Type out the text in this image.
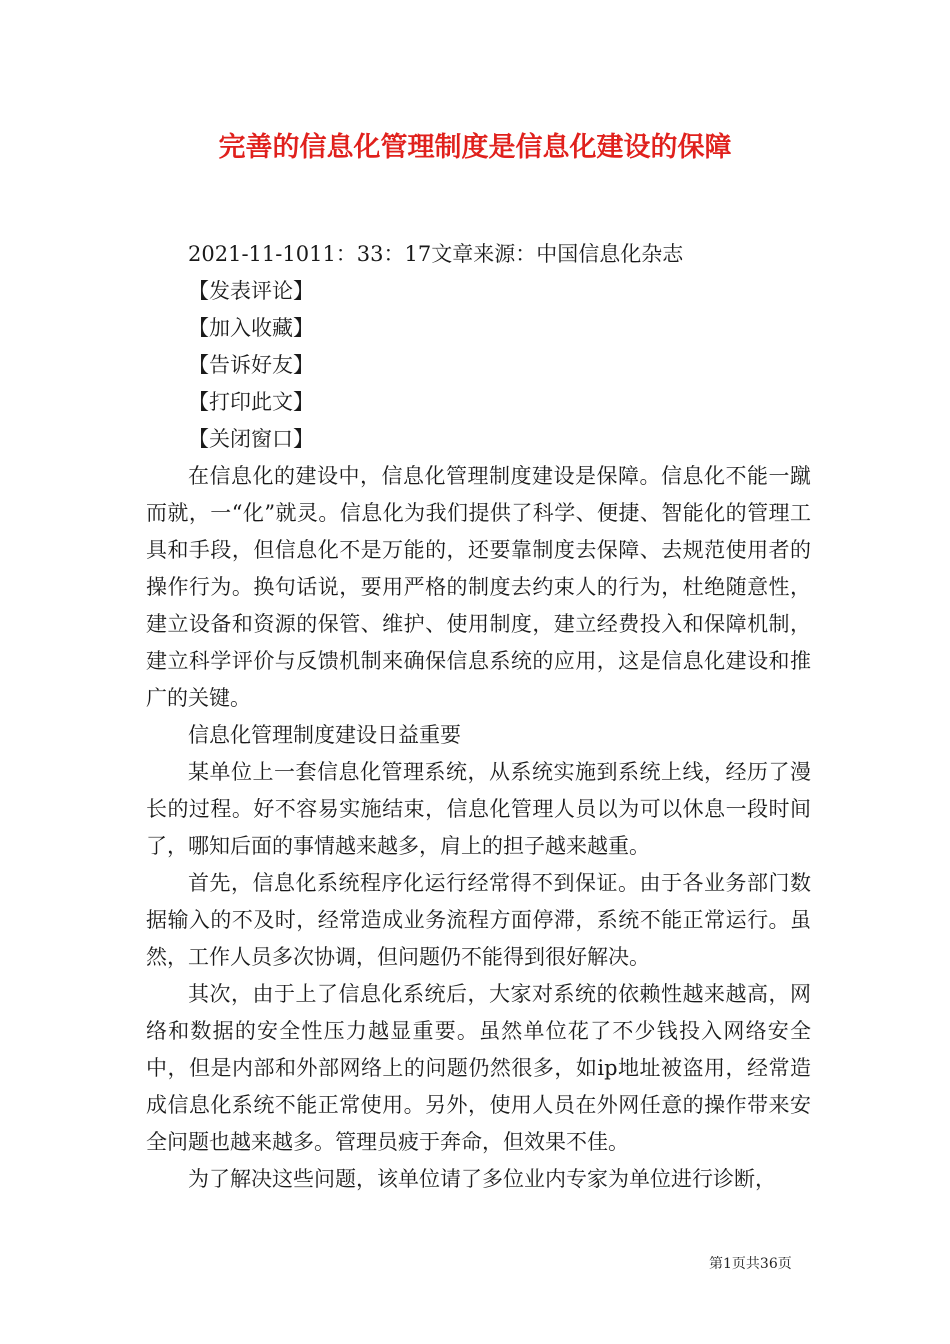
完善的信息化管理制度是信息化建设的保障

2021-11-1011：33：17文章来源：中国信息化杂志

【发表评论】
【加入收藏】
【告诉好友】
【打印此文】
【关闭窗口】

在信息化的建设中，信息化管理制度建设是保障。信息化不能一蹴而就，一“化”就灵。信息化为我们提供了科学、便捷、智能化的管理工具和手段，但信息化不是万能的，还要靠制度去保障、去规范使用者的操作行为。换句话说，要用严格的制度去约束人的行为，杜绝随意性，建立设备和资源的保管、维护、使用制度，建立经费投入和保障机制，建立科学评价与反馈机制来确保信息系统的应用，这是信息化建设和推广的关键。

信息化管理制度建设日益重要

某单位上一套信息化管理系统，从系统实施到系统上线，经历了漫长的过程。好不容易实施结束，信息化管理人员以为可以休息一段时间了，哪知后面的事情越来越多，肩上的担子越来越重。

首先，信息化系统程序化运行经常得不到保证。由于各业务部门数据输入的不及时，经常造成业务流程方面停滞，系统不能正常运行。虽然，工作人员多次协调，但问题仍不能得到很好解决。

其次，由于上了信息化系统后，大家对系统的依赖性越来越高，网络和数据的安全性压力越显重要。虽然单位花了不少钱投入网络安全中，但是内部和外部网络上的问题仍然很多，如ip地址被盗用，经常造成信息化系统不能正常使用。另外，使用人员在外网任意的操作带来安全问题也越来越多。管理员疲于奔命，但效果不佳。

为了解决这些问题，该单位请了多位业内专家为单位进行诊断，

第1页共36页
